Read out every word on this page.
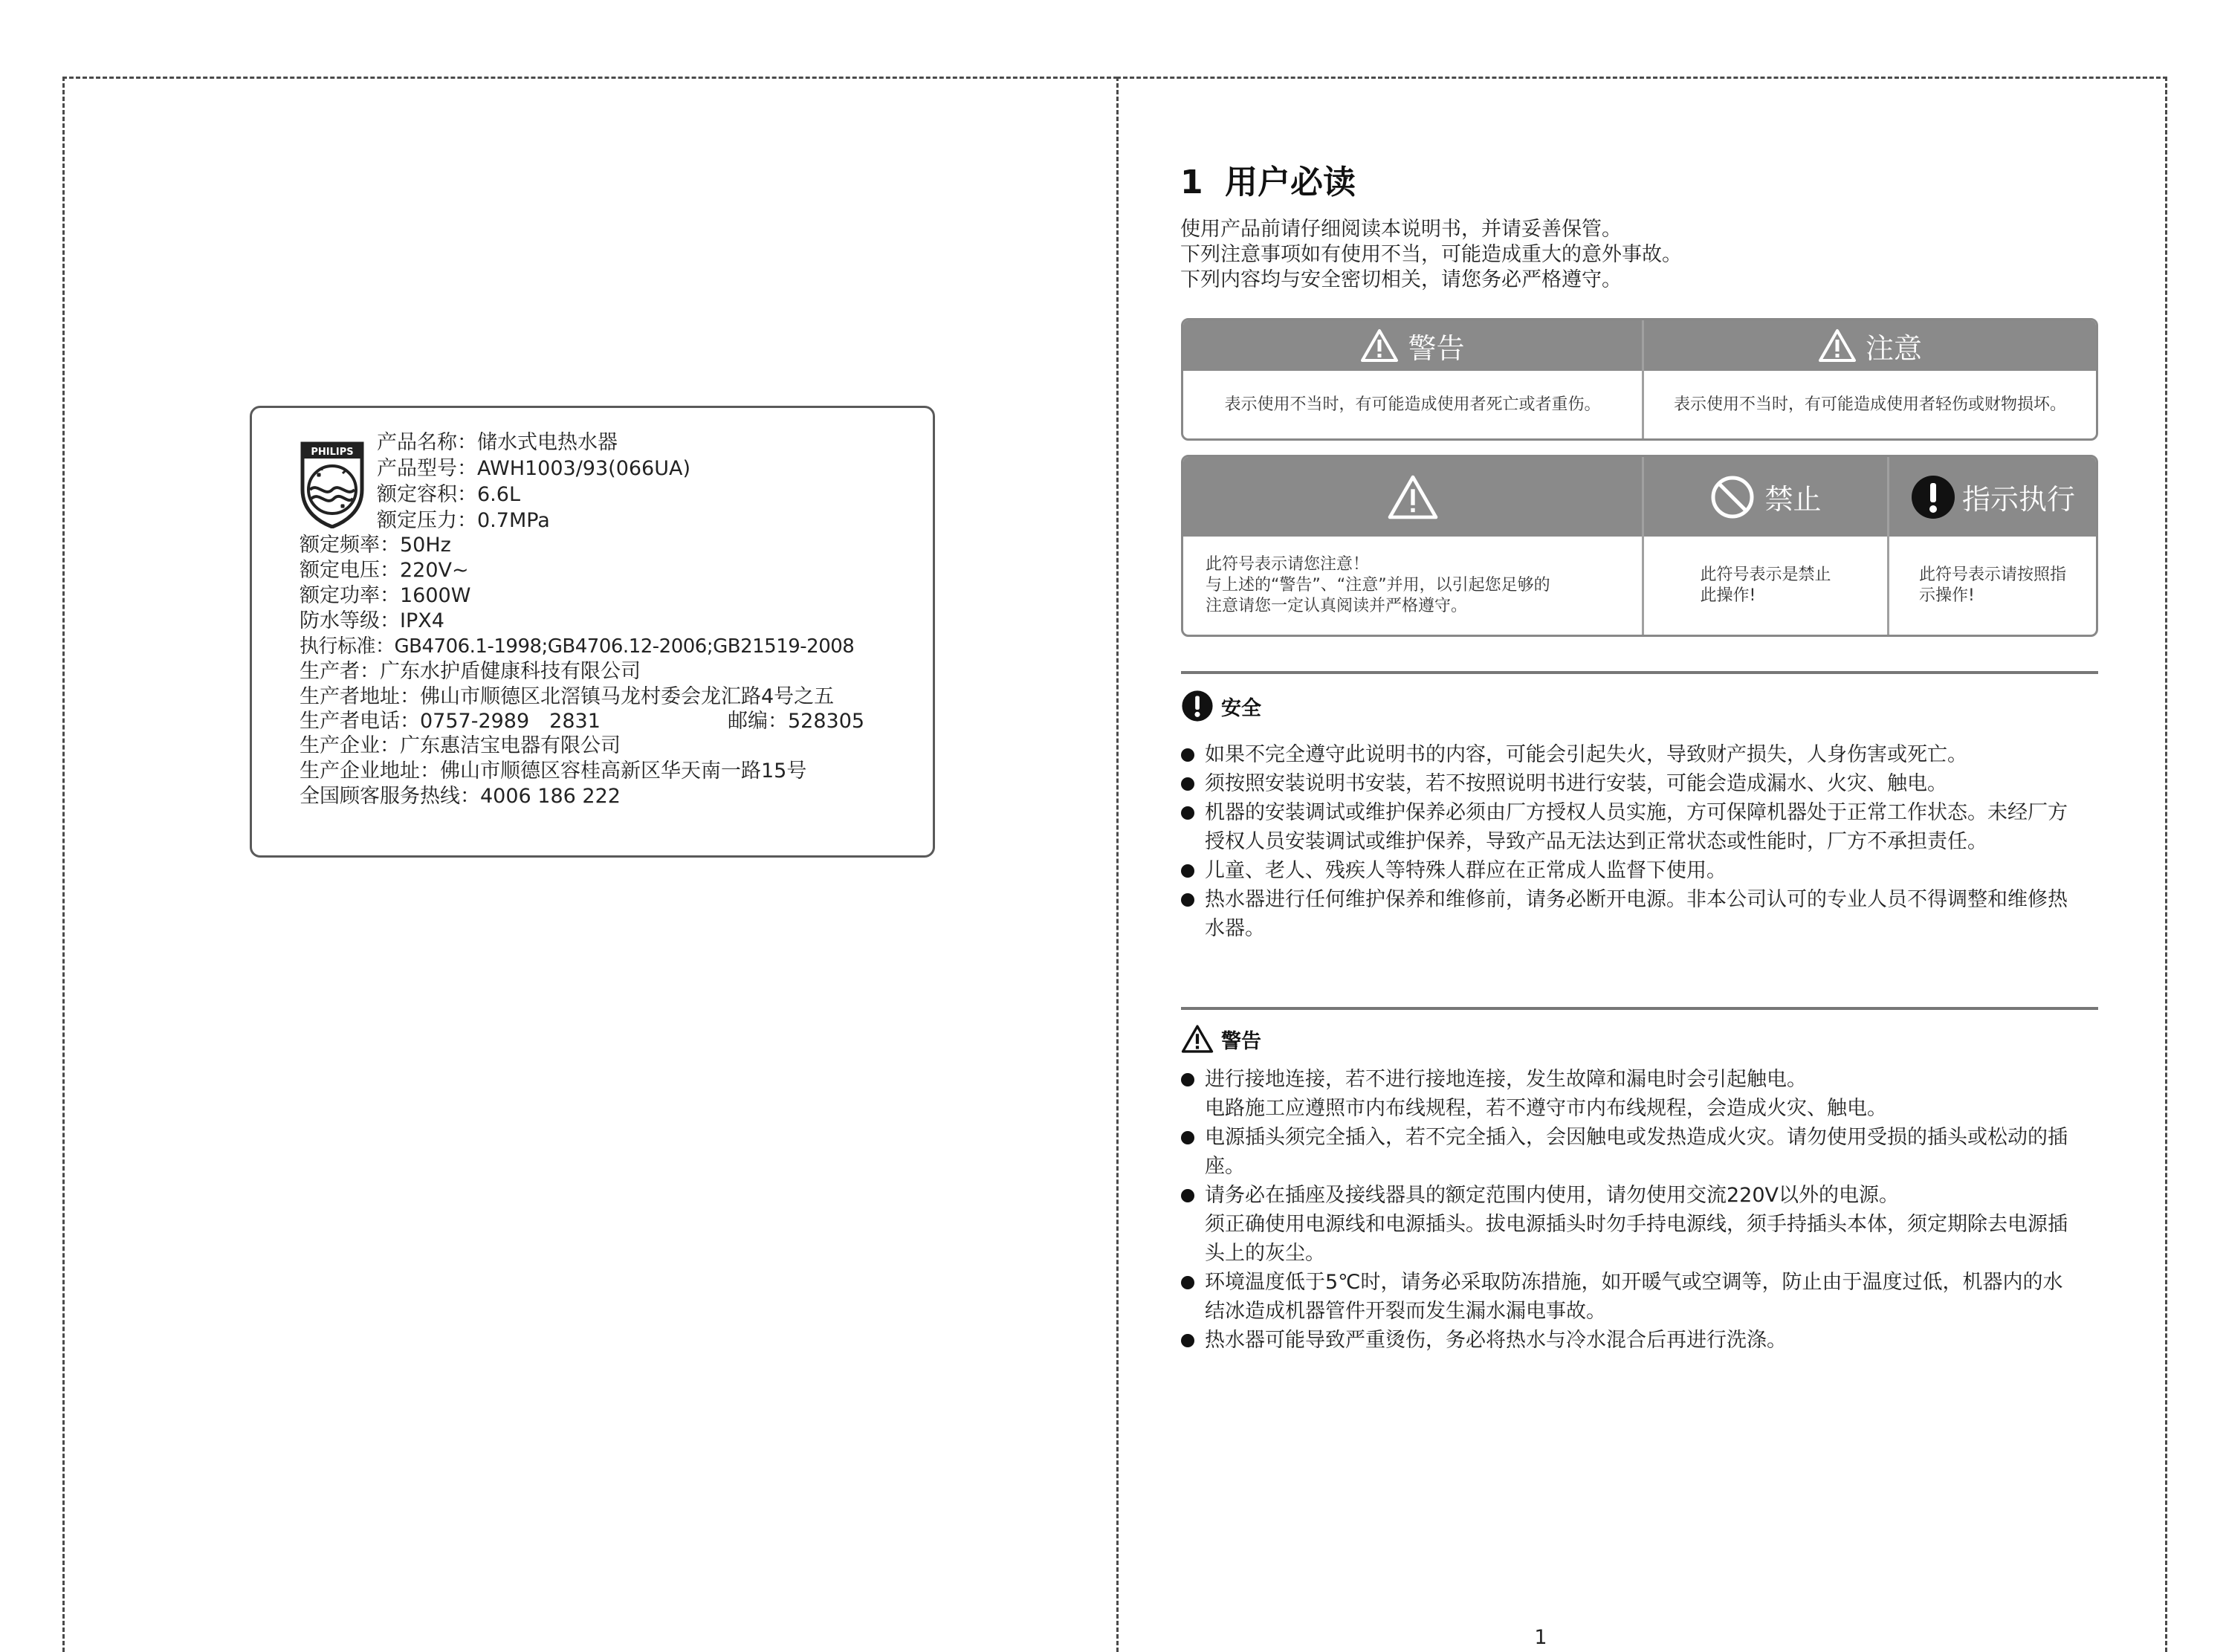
PHILIPS 产品名称：储水式电热水器
产品型号：AWH1003/93(066UA)
额定容积：6.6L
额定压力：0.7MPa
额定频率：50Hz
额定电压：220V~
额定功率：1600W
防水等级：IPX4
执行标准：GB4706.1-1998;GB4706.12-2006;GB21519-2008
生产者：广东水护盾健康科技有限公司
生产者地址：佛山市顺德区北滘镇马龙村委会龙汇路4号之五
生产者电话：0757-2989　2831	邮编：528305
生产企业：广东惠洁宝电器有限公司
生产企业地址：佛山市顺德区容桂高新区华天南一路15号
全国顾客服务热线：4006 186 222
1 用户必读
使用产品前请仔细阅读本说明书，并请妥善保管。
下列注意事项如有使用不当，可能造成重大的意外事故。
下列内容均与安全密切相关，请您务必严格遵守。
警告
表示使用不当时，有可能造成使用者死亡或者重伤。
注意
表示使用不当时，有可能造成使用者轻伤或财物损坏。
此符号表示请您注意！
与上述的“警告”、“注意”并用，以引起您足够的
注意请您一定认真阅读并严格遵守。
禁止
此符号表示是禁止
此操作!
指示执行
此符号表示请按照指
示操作!
安全
如果不完全遵守此说明书的内容，可能会引起失火，导致财产损失，人身伤害或死亡。
须按照安装说明书安装，若不按照说明书进行安装，可能会造成漏水、火灾、触电。
机器的安装调试或维护保养必须由厂方授权人员实施，方可保障机器处于正常工作状态。未经厂方
授权人员安装调试或维护保养，导致产品无法达到正常状态或性能时，厂方不承担责任。
儿童、老人、残疾人等特殊人群应在正常成人监督下使用。
热水器进行任何维护保养和维修前，请务必断开电源。非本公司认可的专业人员不得调整和维修热
水器。
警告
进行接地连接，若不进行接地连接，发生故障和漏电时会引起触电。
电路施工应遵照市内布线规程，若不遵守市内布线规程，会造成火灾、触电。
电源插头须完全插入，若不完全插入，会因触电或发热造成火灾。请勿使用受损的插头或松动的插
座。
请务必在插座及接线器具的额定范围内使用，请勿使用交流220V以外的电源。
须正确使用电源线和电源插头。拔电源插头时勿手持电源线，须手持插头本体，须定期除去电源插
头上的灰尘。
环境温度低于5℃时，请务必采取防冻措施，如开暖气或空调等，防止由于温度过低，机器内的水
结冰造成机器管件开裂而发生漏水漏电事故。
热水器可能导致严重烫伤，务必将热水与冷水混合后再进行洗涤。
1
